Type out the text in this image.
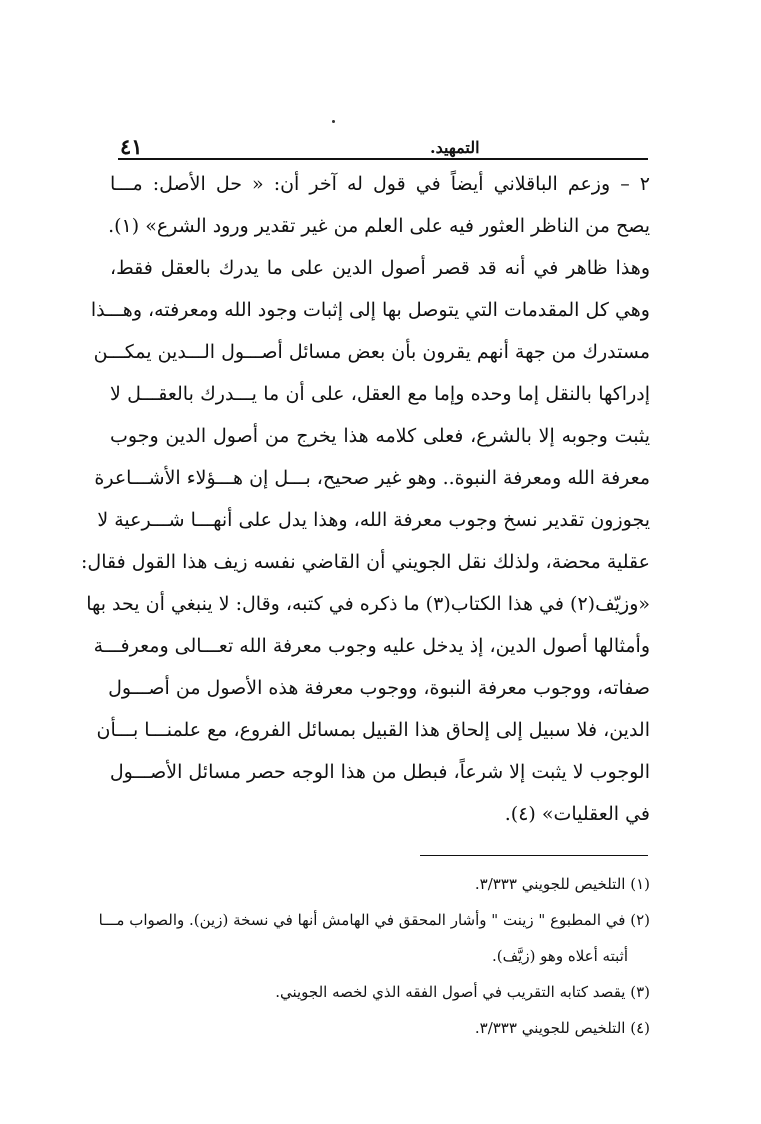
٤١	التمهيد.
٢ – وزعم الباقلاني أيضاً في قول له آخر أن: « حل الأصل: مـــا
يصح من الناظر العثور فيه على العلم من غير تقدير ورود الشرع» (١).
وهذا ظاهر في أنه قد قصر أصول الدين على ما يدرك بالعقل فقط،
وهي كل المقدمات التي يتوصل بها إلى إثبات وجود الله ومعرفته، وهـــذا
مستدرك من جهة أنهم يقرون بأن بعض مسائل أصـــول الـــدين يمكـــن
إدراكها بالنقل إما وحده وإما مع العقل، على أن ما يـــدرك بالعقـــل لا
يثبت وجوبه إلا بالشرع، فعلى كلامه هذا يخرج من أصول الدين وجوب
معرفة الله ومعرفة النبوة.. وهو غير صحيح، بـــل إن هـــؤلاء الأشـــاعرة
يجوزون تقدير نسخ وجوب معرفة الله، وهذا يدل على أنهـــا شـــرعية لا
عقلية محضة، ولذلك نقل الجويني أن القاضي نفسه زيف هذا القول فقال:
«وزيّف(٢) في هذا الكتاب(٣) ما ذكره في كتبه، وقال: لا ينبغي أن يحد بها
وأمثالها أصول الدين، إذ يدخل عليه وجوب معرفة الله تعـــالى ومعرفـــة
صفاته، ووجوب معرفة النبوة، ووجوب معرفة هذه الأصول من أصـــول
الدين، فلا سبيل إلى إلحاق هذا القبيل بمسائل الفروع، مع علمنـــا بـــأن
الوجوب لا يثبت إلا شرعاً، فبطل من هذا الوجه حصر مسائل الأصـــول
في العقليات» (٤).
(١) التلخيص للجويني ٣/٣٣٣.
(٢) في المطبوع " زينت " وأشار المحقق في الهامش أنها في نسخة (زين). والصواب مـــا
أثبته أعلاه وهو (زيَّف).
(٣) يقصد كتابه التقريب في أصول الفقه الذي لخصه الجويني.
(٤) التلخيص للجويني ٣/٣٣٣.
